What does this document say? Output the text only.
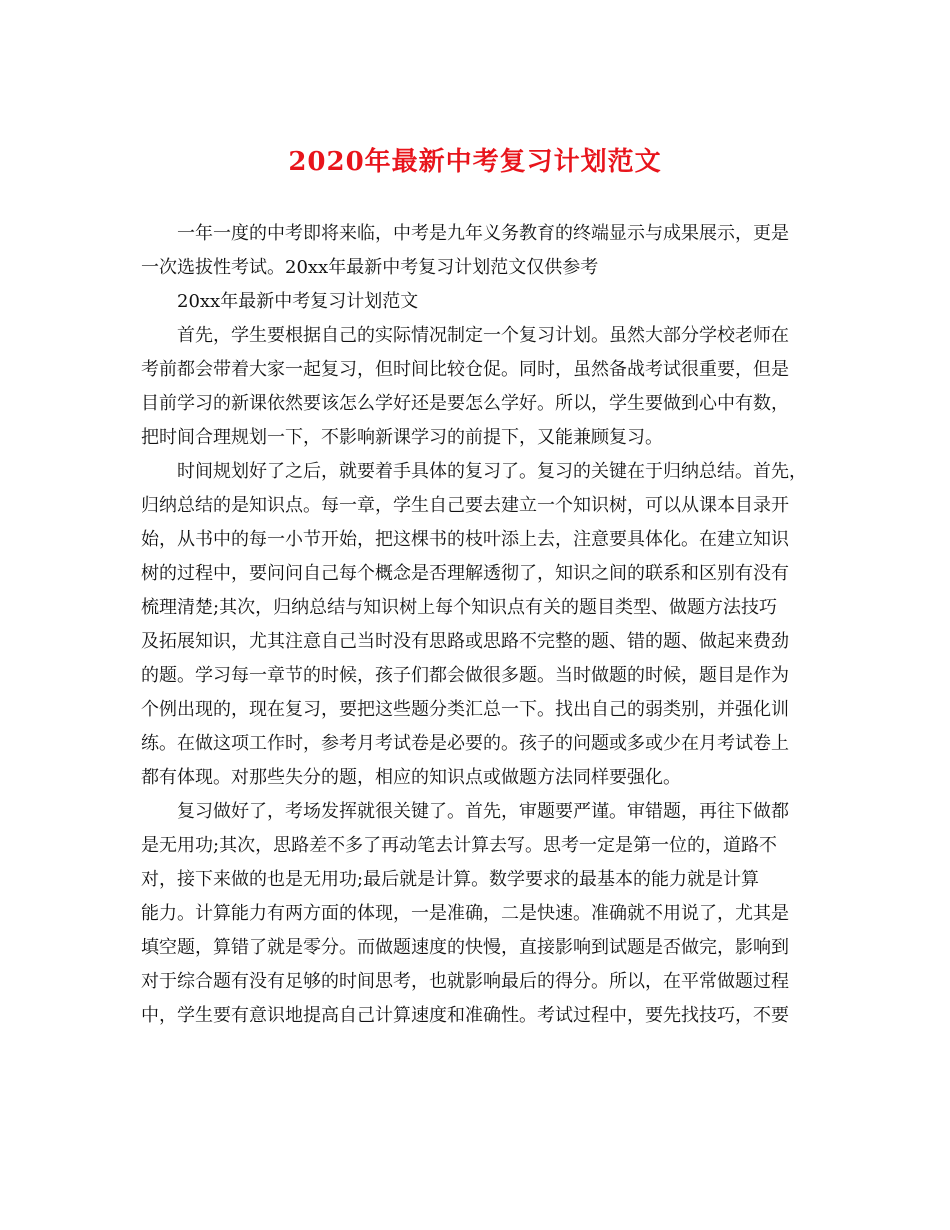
2020年最新中考复习计划范文
一年一度的中考即将来临，中考是九年义务教育的终端显示与成果展示，更是
一次选拔性考试。20xx年最新中考复习计划范文仅供参考
20xx年最新中考复习计划范文
首先，学生要根据自己的实际情况制定一个复习计划。虽然大部分学校老师在
考前都会带着大家一起复习，但时间比较仓促。同时，虽然备战考试很重要，但是
目前学习的新课依然要该怎么学好还是要怎么学好。所以，学生要做到心中有数，
把时间合理规划一下，不影响新课学习的前提下，又能兼顾复习。
时间规划好了之后，就要着手具体的复习了。复习的关键在于归纳总结。首先，
归纳总结的是知识点。每一章，学生自己要去建立一个知识树，可以从课本目录开
始，从书中的每一小节开始，把这棵书的枝叶添上去，注意要具体化。在建立知识
树的过程中，要问问自己每个概念是否理解透彻了，知识之间的联系和区别有没有
梳理清楚;其次，归纳总结与知识树上每个知识点有关的题目类型、做题方法技巧
及拓展知识，尤其注意自己当时没有思路或思路不完整的题、错的题、做起来费劲
的题。学习每一章节的时候，孩子们都会做很多题。当时做题的时候，题目是作为
个例出现的，现在复习，要把这些题分类汇总一下。找出自己的弱类别，并强化训
练。在做这项工作时，参考月考试卷是必要的。孩子的问题或多或少在月考试卷上
都有体现。对那些失分的题，相应的知识点或做题方法同样要强化。
复习做好了，考场发挥就很关键了。首先，审题要严谨。审错题，再往下做都
是无用功;其次，思路差不多了再动笔去计算去写。思考一定是第一位的，道路不
对，接下来做的也是无用功;最后就是计算。数学要求的最基本的能力就是计算
能力。计算能力有两方面的体现，一是准确，二是快速。准确就不用说了，尤其是
填空题，算错了就是零分。而做题速度的快慢，直接影响到试题是否做完，影响到
对于综合题有没有足够的时间思考，也就影响最后的得分。所以，在平常做题过程
中，学生要有意识地提高自己计算速度和准确性。考试过程中，要先找技巧，不要
